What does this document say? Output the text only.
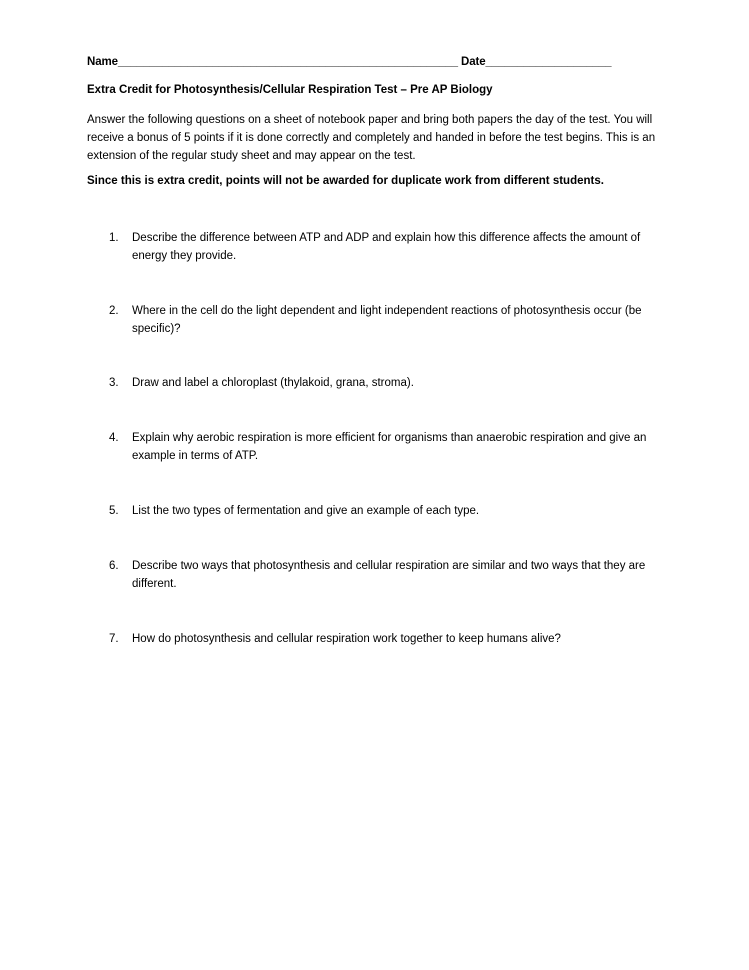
Name______________________________________________________ Date____________________
Extra Credit for Photosynthesis/Cellular Respiration Test – Pre AP Biology
Answer the following questions on a sheet of notebook paper and bring both papers the day of the test. You will receive a bonus of 5 points if it is done correctly and completely and handed in before the test begins. This is an extension of the regular study sheet and may appear on the test.
Since this is extra credit, points will not be awarded for duplicate work from different students.
1. Describe the difference between ATP and ADP and explain how this difference affects the amount of energy they provide.
2. Where in the cell do the light dependent and light independent reactions of photosynthesis occur (be specific)?
3. Draw and label a chloroplast (thylakoid, grana, stroma).
4. Explain why aerobic respiration is more efficient for organisms than anaerobic respiration and give an example in terms of ATP.
5. List the two types of fermentation and give an example of each type.
6. Describe two ways that photosynthesis and cellular respiration are similar and two ways that they are different.
7. How do photosynthesis and cellular respiration work together to keep humans alive?
